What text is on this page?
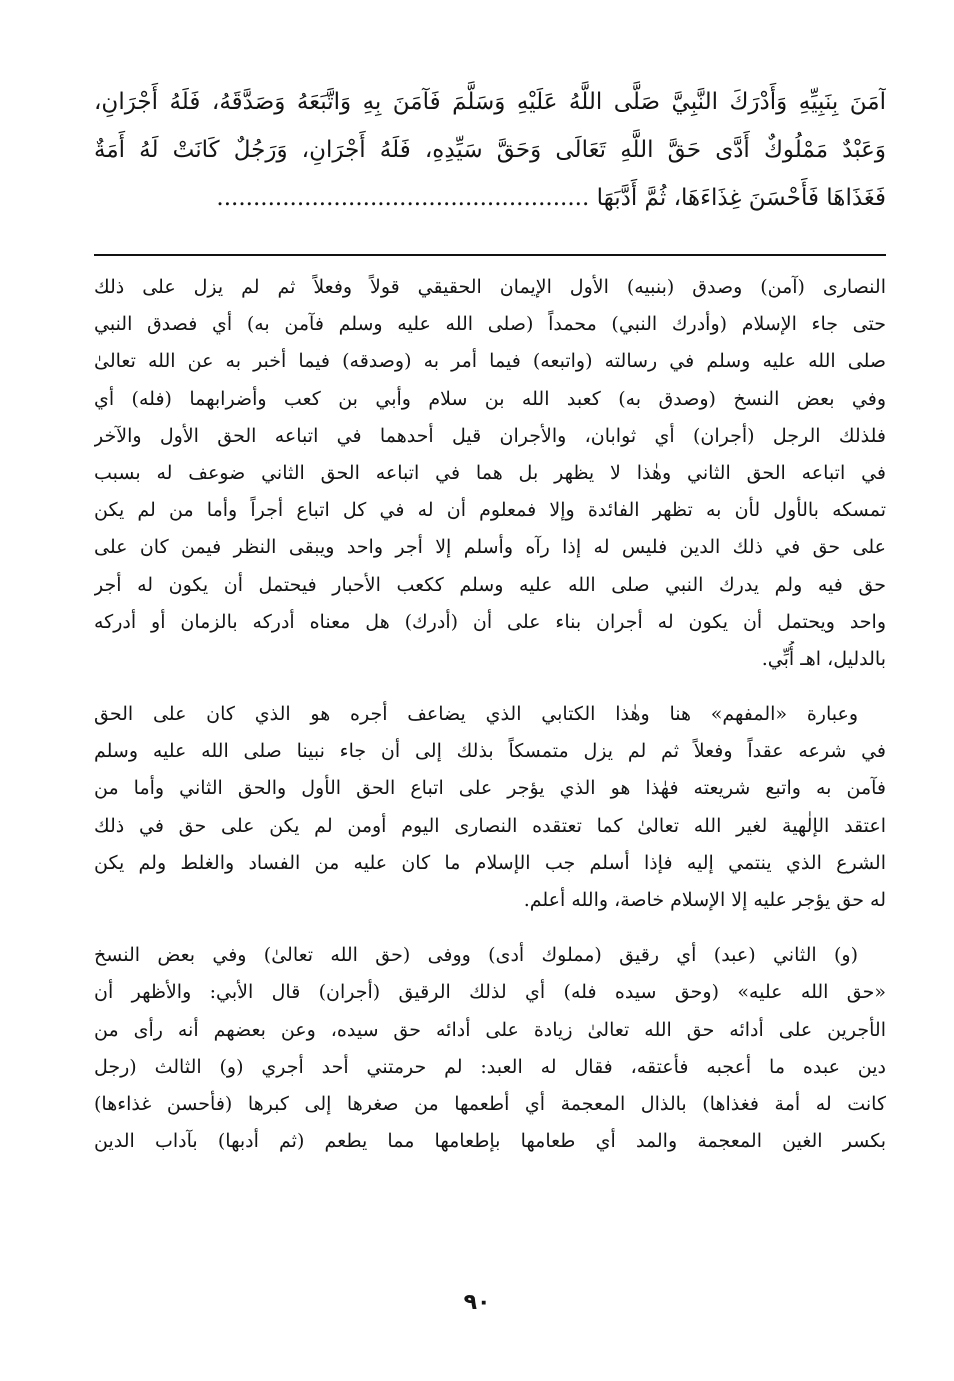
آمَنَ بِنَبِيِّهِ وَأَدْرَكَ النَّبِيَّ صَلَّى اللَّهُ عَلَيْهِ وَسَلَّمَ فَآمَنَ بِهِ وَاتَّبَعَهُ وَصَدَّقَهُ، فَلَهُ أَجْرَانِ،
وَعَبْدٌ مَمْلُوكٌ أَدَّى حَقَّ اللَّهِ تَعَالَى وَحَقَّ سَيِّدِهِ، فَلَهُ أَجْرَانِ، وَرَجُلٌ كَانَتْ لَهُ أَمَةٌ
فَغَذَاهَا فَأَحْسَنَ غِذَاءَهَا، ثُمَّ أَدَّبَهَا ...................................................
النصارى (آمن) وصدق (بنبيه) الأول الإيمان الحقيقي قولاً وفعلاً ثم لم يزل على ذلك
حتى جاء الإسلام (وأدرك النبي) محمداً (صلى الله عليه وسلم فآمن به) أي فصدق النبي
صلى الله عليه وسلم في رسالته (واتبعه) فيما أمر به (وصدقه) فيما أخبر به عن الله تعالىٰ
وفي بعض النسخ (وصدق به) كعبد الله بن سلام وأبي بن كعب وأضرابهما (فله) أي
فلذلك الرجل (أجران) أي ثوابان، والأجران قيل أحدهما في اتباعه الحق الأول والآخر
في اتباعه الحق الثاني وهٰذا لا يظهر بل هما في اتباعه الحق الثاني ضوعف له بسبب
تمسكه بالأول لأن به تظهر الفائدة وإلا فمعلوم أن له في كل اتباع أجراً وأما من لم يكن
على حق في ذلك الدين فليس له إذا رآه وأسلم إلا أجر واحد ويبقى النظر فيمن كان على
حق فيه ولم يدرك النبي صلى الله عليه وسلم ككعب الأحبار فيحتمل أن يكون له أجر
واحد ويحتمل أن يكون له أجران بناء على أن (أدرك) هل معناه أدركه بالزمان أو أدركه
بالدليل، اهـ أُبِّي.
وعبارة «المفهم» هنا وهٰذا الكتابي الذي يضاعف أجره هو الذي كان على الحق
في شرعه عقداً وفعلاً ثم لم يزل متمسكاً بذلك إلى أن جاء نبينا صلى الله عليه وسلم
فآمن به واتبع شريعته فهٰذا هو الذي يؤجر على اتباع الحق الأول والحق الثاني وأما من
اعتقد الإلٰهية لغير الله تعالىٰ كما تعتقده النصارى اليوم أومن لم يكن على حق في ذلك
الشرع الذي ينتمي إليه فإذا أسلم جب الإسلام ما كان عليه من الفساد والغلط ولم يكن
له حق يؤجر عليه إلا الإسلام خاصة، والله أعلم.
(و) الثاني (عبد) أي رقيق (مملوك أدى) ووفى (حق الله تعالىٰ) وفي بعض النسخ
«حق الله عليه» (وحق سيده فله) أي لذلك الرقيق (أجران) قال الأبي: والأظهر أن
الأجرين على أدائه حق الله تعالىٰ زيادة على أدائه حق سيده، وعن بعضهم أنه رأى من
دين عبده ما أعجبه فأعتقه، فقال له العبد: لم حرمتني أحد أجري (و) الثالث (رجل
كانت له أمة فغذاها) بالذال المعجمة أي أطعمها من صغرها إلى كبرها (فأحسن غذاءها)
بكسر الغين المعجمة والمد أي طعامها بإطعامها مما يطعم (ثم أدبها) بآداب الدين
٩٠
